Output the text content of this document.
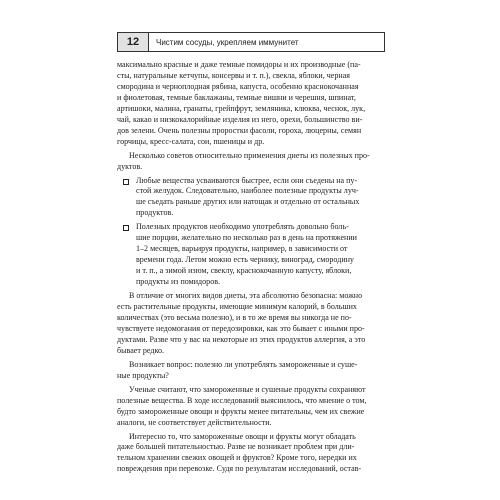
12	Чистим сосуды, укрепляем иммунитет

максимально красные и даже темные помидоры и их производные (па-
сты, натуральные кетчупы, консервы и т. п.), свекла, яблоки, черная
смородина и черноплодная рябина, капуста, особенно краснокочанная
и фиолетовая, темные баклажаны, темные вишни и черешня, шпинат,
артишоки, малина, гранаты, грейпфрут, земляника, клюква, чеснок, лук,
чай, какао и низкокалорийные изделия из него, орехи, большинство ви-
дов зелени. Очень полезны проростки фасоли, гороха, люцерны, семян
горчицы, кресс-салата, сои, пшеницы и др.

Несколько советов относительно применения диеты из полезных про-
дуктов.

Любые вещества усваиваются быстрее, если они съедены на пу-
стой желудок. Следовательно, наиболее полезные продукты луч-
ше съедать раньше других или натощак и отдельно от остальных
продуктов.

Полезных продуктов необходимо употреблять довольно боль-
шие порции, желательно по несколько раз в день на протяжении
1–2 месяцев, варьируя продукты, например, в зависимости от
времени года. Летом можно есть чернику, виноград, смородину
и т. п., а зимой изюм, свеклу, краснокочанную капусту, яблоки,
продукты из помидоров.

В отличие от многих видов диеты, эта абсолютно безопасна: можно
есть растительные продукты, имеющие минимум калорий, в больших
количествах (это весьма полезно), и в то же время вы никогда не по-
чувствуете недомогания от передозировки, как это бывает с иными про-
дуктами. Разве что у вас на некоторые из этих продуктов аллергия, а это
бывает редко.

Возникает вопрос: полезно ли употреблять замороженные и суше-
ные продукты?

Ученые считают, что замороженные и сушеные продукты сохраняют
полезные вещества. В ходе исследований выяснилось, что мнение о том,
будто замороженные овощи и фрукты менее питательны, чем их свежие
аналоги, не соответствует действительности.

Интересно то, что замороженные овощи и фрукты могут обладать
даже большей питательностью. Разве не возникает проблем при дли-
тельном хранении свежих овощей и фруктов? Кроме того, нередки их
повреждения при перевозке. Судя по результатам исследований, остав-
